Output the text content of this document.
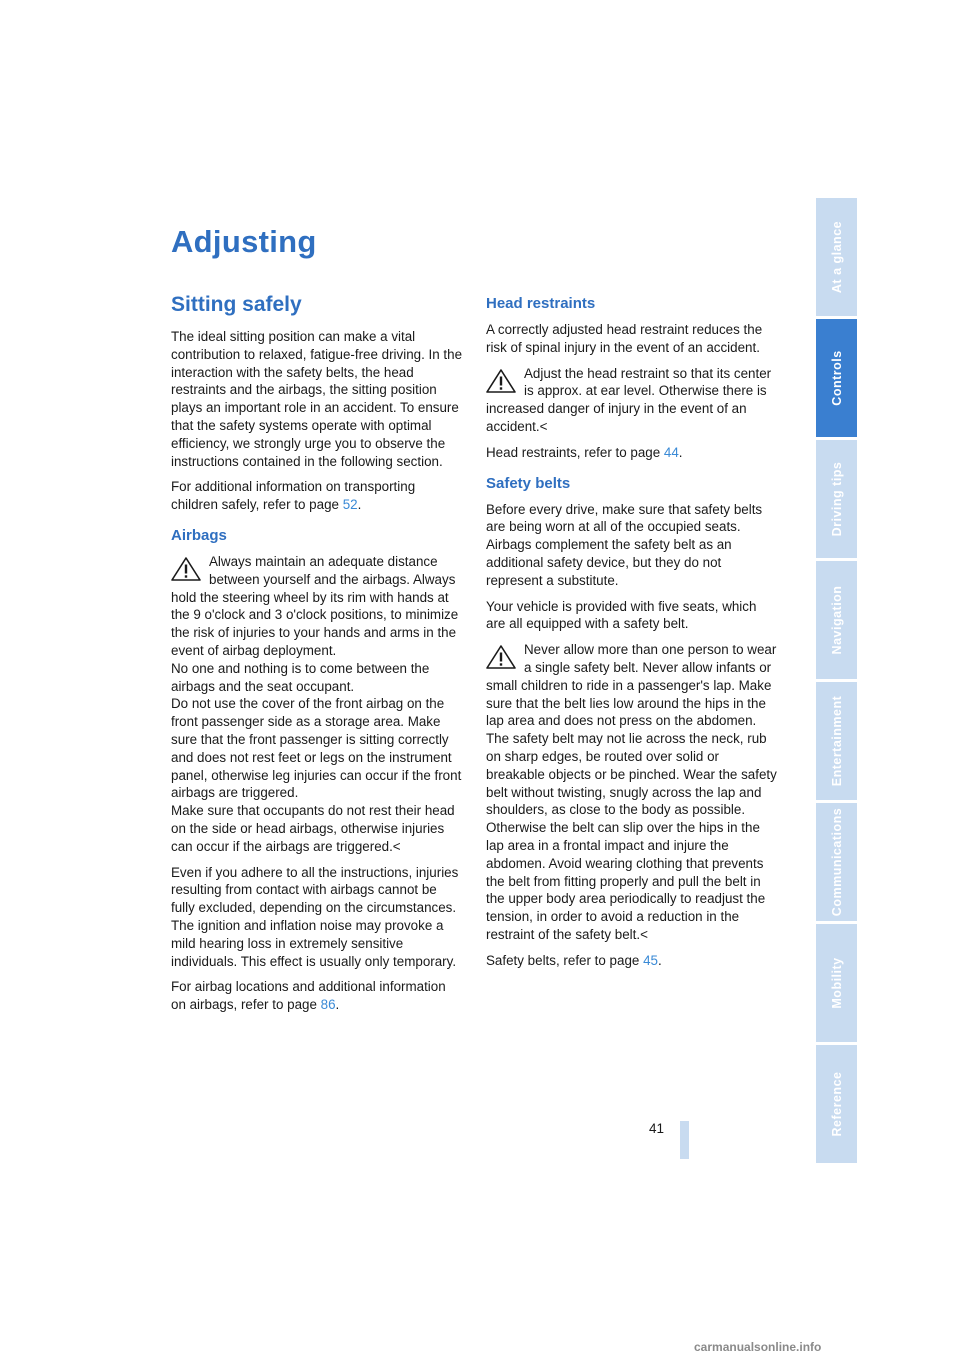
Adjusting
Sitting safely

The ideal sitting position can make a vital contribution to relaxed, fatigue-free driving. In the interaction with the safety belts, the head restraints and the airbags, the sitting position plays an important role in an accident. To ensure that the safety systems operate with optimal efficiency, we strongly urge you to observe the instructions contained in the following section.

For additional information on transporting children safely, refer to page 52.

Airbags

Always maintain an adequate distance between yourself and the airbags. Always hold the steering wheel by its rim with hands at the 9 o'clock and 3 o'clock positions, to minimize the risk of injuries to your hands and arms in the event of airbag deployment.

No one and nothing is to come between the airbags and the seat occupant.

Do not use the cover of the front airbag on the front passenger side as a storage area. Make sure that the front passenger is sitting correctly and does not rest feet or legs on the instrument panel, otherwise leg injuries can occur if the front airbags are triggered.

Make sure that occupants do not rest their head on the side or head airbags, otherwise injuries can occur if the airbags are triggered.<

Even if you adhere to all the instructions, injuries resulting from contact with airbags cannot be fully excluded, depending on the circumstances. The ignition and inflation noise may provoke a mild hearing loss in extremely sensitive individuals. This effect is usually only temporary.

For airbag locations and additional information on airbags, refer to page 86.

Head restraints

A correctly adjusted head restraint reduces the risk of spinal injury in the event of an accident.

Adjust the head restraint so that its center is approx. at ear level. Otherwise there is increased danger of injury in the event of an accident.<

Head restraints, refer to page 44.

Safety belts

Before every drive, make sure that safety belts are being worn at all of the occupied seats. Airbags complement the safety belt as an additional safety device, but they do not represent a substitute.

Your vehicle is provided with five seats, which are all equipped with a safety belt.

Never allow more than one person to wear a single safety belt. Never allow infants or small children to ride in a passenger's lap. Make sure that the belt lies low around the hips in the lap area and does not press on the abdomen. The safety belt may not lie across the neck, rub on sharp edges, be routed over solid or breakable objects or be pinched. Wear the safety belt without twisting, snugly across the lap and shoulders, as close to the body as possible. Otherwise the belt can slip over the hips in the lap area in a frontal impact and injure the abdomen. Avoid wearing clothing that prevents the belt from fitting properly and pull the belt in the upper body area periodically to readjust the tension, in order to avoid a reduction in the restraint of the safety belt.<

Safety belts, refer to page 45.

At a glance
Controls
Driving tips
Navigation
Entertainment
Communications
Mobility
Reference
41
carmanualsonline.info
